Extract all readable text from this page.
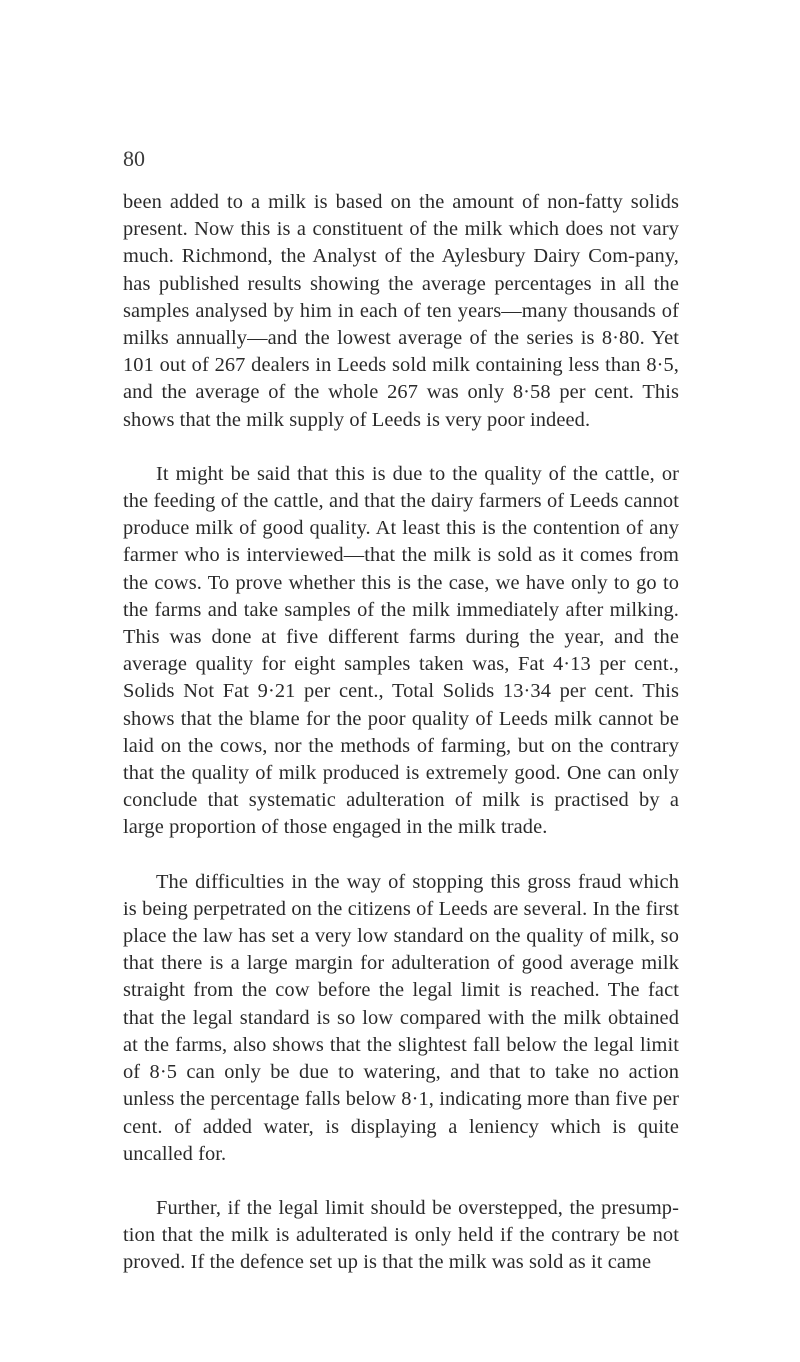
80

been added to a milk is based on the amount of non-fatty solids present. Now this is a constituent of the milk which does not vary much. Richmond, the Analyst of the Aylesbury Dairy Com-pany, has published results showing the average percentages in all the samples analysed by him in each of ten years—many thousands of milks annually—and the lowest average of the series is 8·80. Yet 101 out of 267 dealers in Leeds sold milk containing less than 8·5, and the average of the whole 267 was only 8·58 per cent. This shows that the milk supply of Leeds is very poor indeed.

It might be said that this is due to the quality of the cattle, or the feeding of the cattle, and that the dairy farmers of Leeds cannot produce milk of good quality. At least this is the contention of any farmer who is interviewed—that the milk is sold as it comes from the cows. To prove whether this is the case, we have only to go to the farms and take samples of the milk immediately after milking. This was done at five different farms during the year, and the average quality for eight samples taken was, Fat 4·13 per cent., Solids Not Fat 9·21 per cent., Total Solids 13·34 per cent. This shows that the blame for the poor quality of Leeds milk cannot be laid on the cows, nor the methods of farming, but on the contrary that the quality of milk produced is extremely good. One can only conclude that systematic adulteration of milk is practised by a large proportion of those engaged in the milk trade.

The difficulties in the way of stopping this gross fraud which is being perpetrated on the citizens of Leeds are several. In the first place the law has set a very low standard on the quality of milk, so that there is a large margin for adulteration of good average milk straight from the cow before the legal limit is reached. The fact that the legal standard is so low compared with the milk obtained at the farms, also shows that the slightest fall below the legal limit of 8·5 can only be due to watering, and that to take no action unless the percentage falls below 8·1, indicating more than five per cent. of added water, is displaying a leniency which is quite uncalled for.

Further, if the legal limit should be overstepped, the presump-tion that the milk is adulterated is only held if the contrary be not proved. If the defence set up is that the milk was sold as it came
